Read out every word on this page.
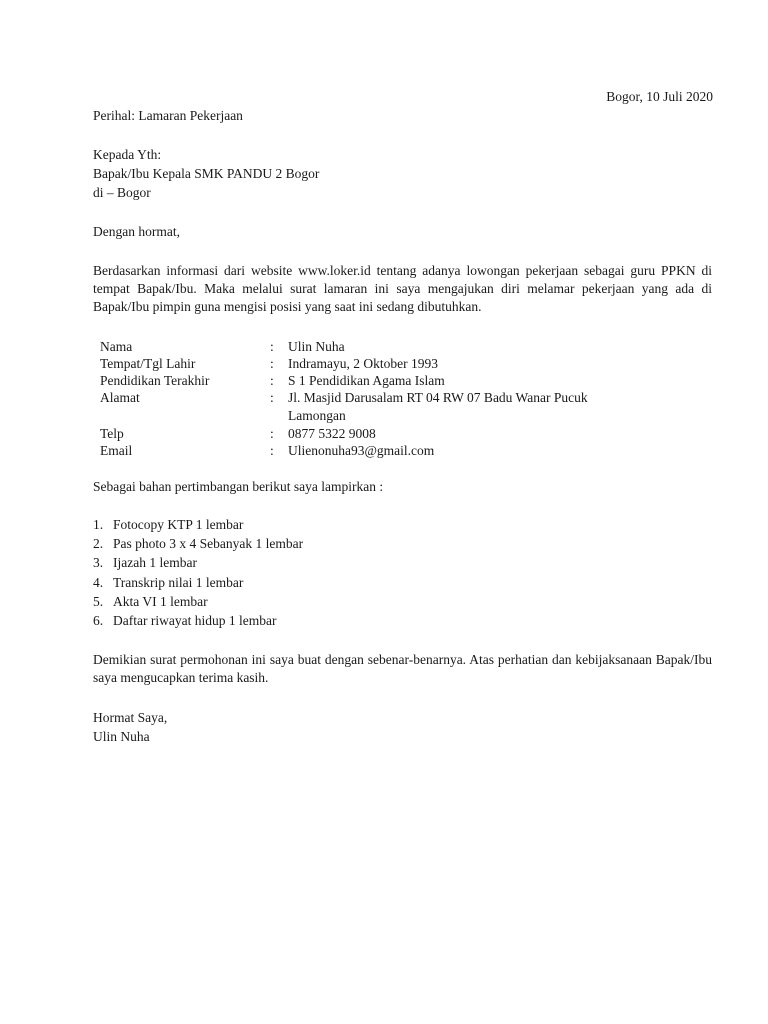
Bogor, 10 Juli 2020
Perihal: Lamaran Pekerjaan
Kepada Yth:
Bapak/Ibu Kepala SMK PANDU 2 Bogor
di – Bogor
Dengan hormat,
Berdasarkan informasi dari website www.loker.id tentang adanya lowongan pekerjaan sebagai guru PPKN di tempat Bapak/Ibu. Maka melalui surat lamaran ini saya mengajukan diri melamar pekerjaan yang ada di Bapak/Ibu pimpin guna mengisi posisi yang saat ini sedang dibutuhkan.
Nama	: Ulin Nuha
Tempat/Tgl Lahir	: Indramayu, 2 Oktober 1993
Pendidikan Terakhir	: S 1 Pendidikan Agama Islam
Alamat	: Jl. Masjid Darusalam RT 04 RW 07 Badu Wanar Pucuk
Lamongan
Telp	: 0877 5322 9008
Email	: Ulienonuha93@gmail.com
Sebagai bahan pertimbangan berikut saya lampirkan :
1. Fotocopy KTP 1 lembar
2. Pas photo 3 x 4 Sebanyak 1 lembar
3. Ijazah 1 lembar
4. Transkrip nilai 1 lembar
5. Akta VI 1 lembar
6. Daftar riwayat hidup 1 lembar
Demikian surat permohonan ini saya buat dengan sebenar-benarnya. Atas perhatian dan kebijaksanaan Bapak/Ibu saya mengucapkan terima kasih.
Hormat Saya,
Ulin Nuha
